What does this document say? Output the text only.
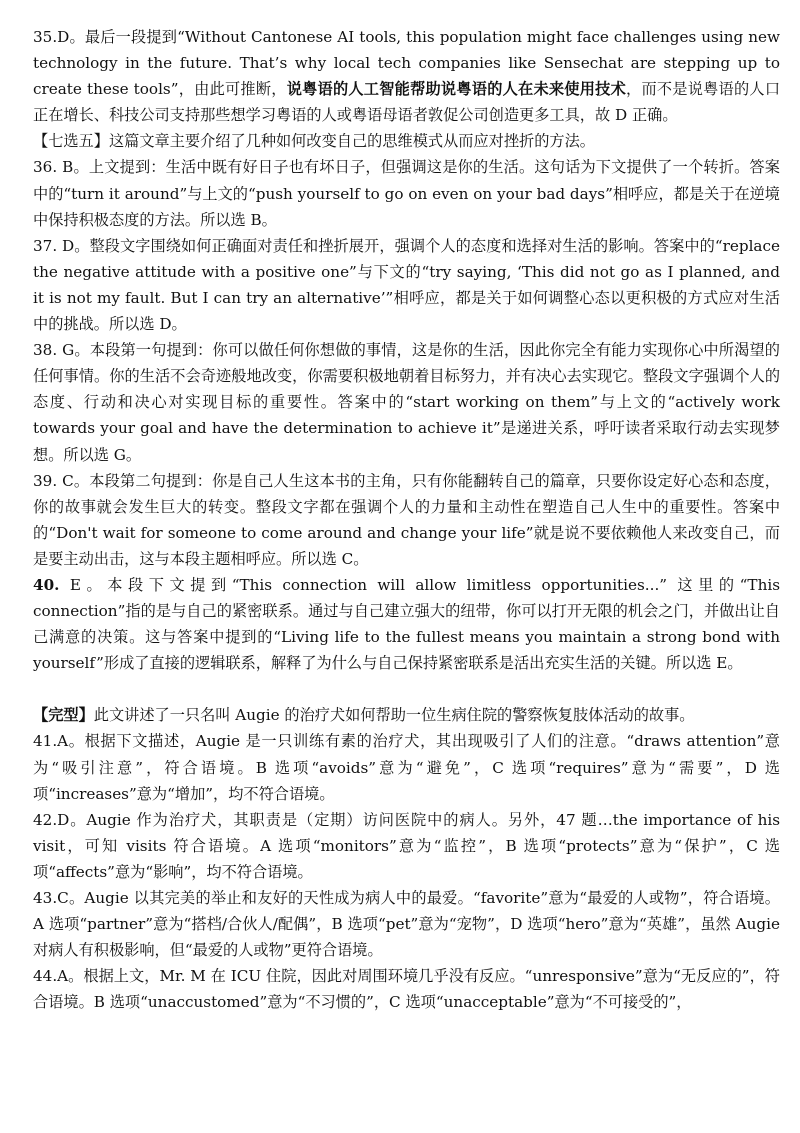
35.D。最后一段提到“Without Cantonese AI tools, this population might face challenges using new technology in the future. That’s why local tech companies like Sensechat are stepping up to create these tools”，由此可推断，说粤语的人工智能帮助说粤语的人在未来使用技术，而不是说粤语的人口正在增长、科技公司支持那些想学习粤语的人或粤语母语者敦促公司创造更多工具，故 D 正确。

【七选五】这篇文章主要介绍了几种如何改变自己的思维模式从而应对挫折的方法。

36. B。上文提到：生活中既有好日子也有坏日子，但强调这是你的生活。这句话为下文提供了一个转折。答案中的“turn it around”与上文的“push yourself to go on even on your bad days”相呼应，都是关于在逆境中保持积极态度的方法。所以选 B。

37. D。整段文字围绕如何正确面对责任和挫折展开，强调个人的态度和选择对生活的影响。答案中的“replace the negative attitude with a positive one”与下文的“try saying, ‘This did not go as I planned, and it is not my fault. But I can try an alternative’”相呼应，都是关于如何调整心态以更积极的方式应对生活中的挑战。所以选 D。

38. G。本段第一句提到：你可以做任何你想做的事情，这是你的生活，因此你完全有能力实现你心中所渴望的任何事情。你的生活不会奇迹般地改变，你需要积极地朝着目标努力，并有决心去实现它。整段文字强调个人的态度、行动和决心对实现目标的重要性。答案中的“start working on them”与上文的“actively work towards your goal and have the determination to achieve it”是递进关系，呼吁读者采取行动去实现梦想。所以选 G。

39. C。本段第二句提到：你是自己人生这本书的主角，只有你能翻转自己的篇章，只要你设定好心态和态度，你的故事就会发生巨大的转变。整段文字都在强调个人的力量和主动性在塑造自己人生中的重要性。答案中的“Don't wait for someone to come around and change your life”就是说不要依赖他人来改变自己，而是要主动出击，这与本段主题相呼应。所以选 C。

40. E。本段下文提到“This connection will allow limitless opportunities...” 这里的“This connection”指的是与自己的紧密联系。通过与自己建立强大的纽带，你可以打开无限的机会之门，并做出让自己满意的决策。这与答案中提到的“Living life to the fullest means you maintain a strong bond with yourself”形成了直接的逻辑联系，解释了为什么与自己保持紧密联系是活出充实生活的关键。所以选 E。

【完型】此文讲述了一只名叫 Augie 的治疗犬如何帮助一位生病住院的警察恢复肢体活动的故事。

41.A。根据下文描述，Augie 是一只训练有素的治疗犬，其出现吸引了人们的注意。“draws attention”意为“吸引注意”，符合语境。B 选项“avoids”意为“避免”，C 选项“requires”意为“需要”，D 选项“increases”意为“增加”，均不符合语境。

42.D。Augie 作为治疗犬，其职责是（定期）访问医院中的病人。另外，47 题…the importance of his visit，可知 visits 符合语境。A 选项“monitors”意为“监控”，B 选项“protects”意为“保护”，C 选项“affects”意为“影响”，均不符合语境。

43.C。Augie 以其完美的举止和友好的天性成为病人中的最爱。“favorite”意为“最爱的人或物”，符合语境。A 选项“partner”意为“搭档/合伙人/配偶”，B 选项“pet”意为“宠物”，D 选项“hero”意为“英雄”，虽然 Augie 对病人有积极影响，但“最爱的人或物”更符合语境。

44.A。根据上文，Mr. M 在 ICU 住院，因此对周围环境几乎没有反应。“unresponsive”意为“无反应的”，符合语境。B 选项“unaccustomed”意为“不习惯的”，C 选项“unacceptable”意为“不可接受的”，
